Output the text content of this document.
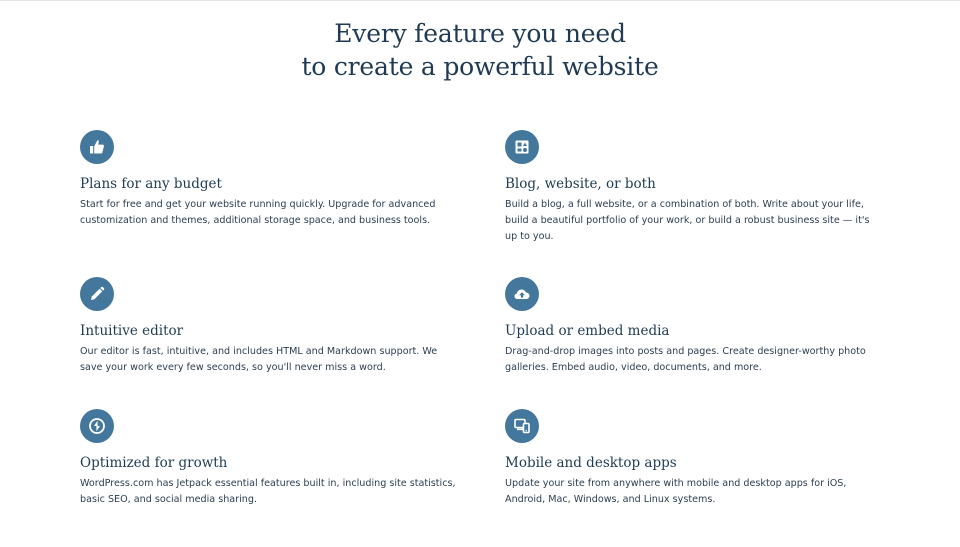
Every feature you need
to create a powerful website
Plans for any budget
Start for free and get your website running quickly. Upgrade for advanced
customization and themes, additional storage space, and business tools.
Blog, website, or both
Build a blog, a full website, or a combination of both. Write about your life,
build a beautiful portfolio of your work, or build a robust business site — it's
up to you.
Intuitive editor
Our editor is fast, intuitive, and includes HTML and Markdown support. We
save your work every few seconds, so you'll never miss a word.
Upload or embed media
Drag-and-drop images into posts and pages. Create designer-worthy photo
galleries. Embed audio, video, documents, and more.
Optimized for growth
WordPress.com has Jetpack essential features built in, including site statistics,
basic SEO, and social media sharing.
Mobile and desktop apps
Update your site from anywhere with mobile and desktop apps for iOS,
Android, Mac, Windows, and Linux systems.
